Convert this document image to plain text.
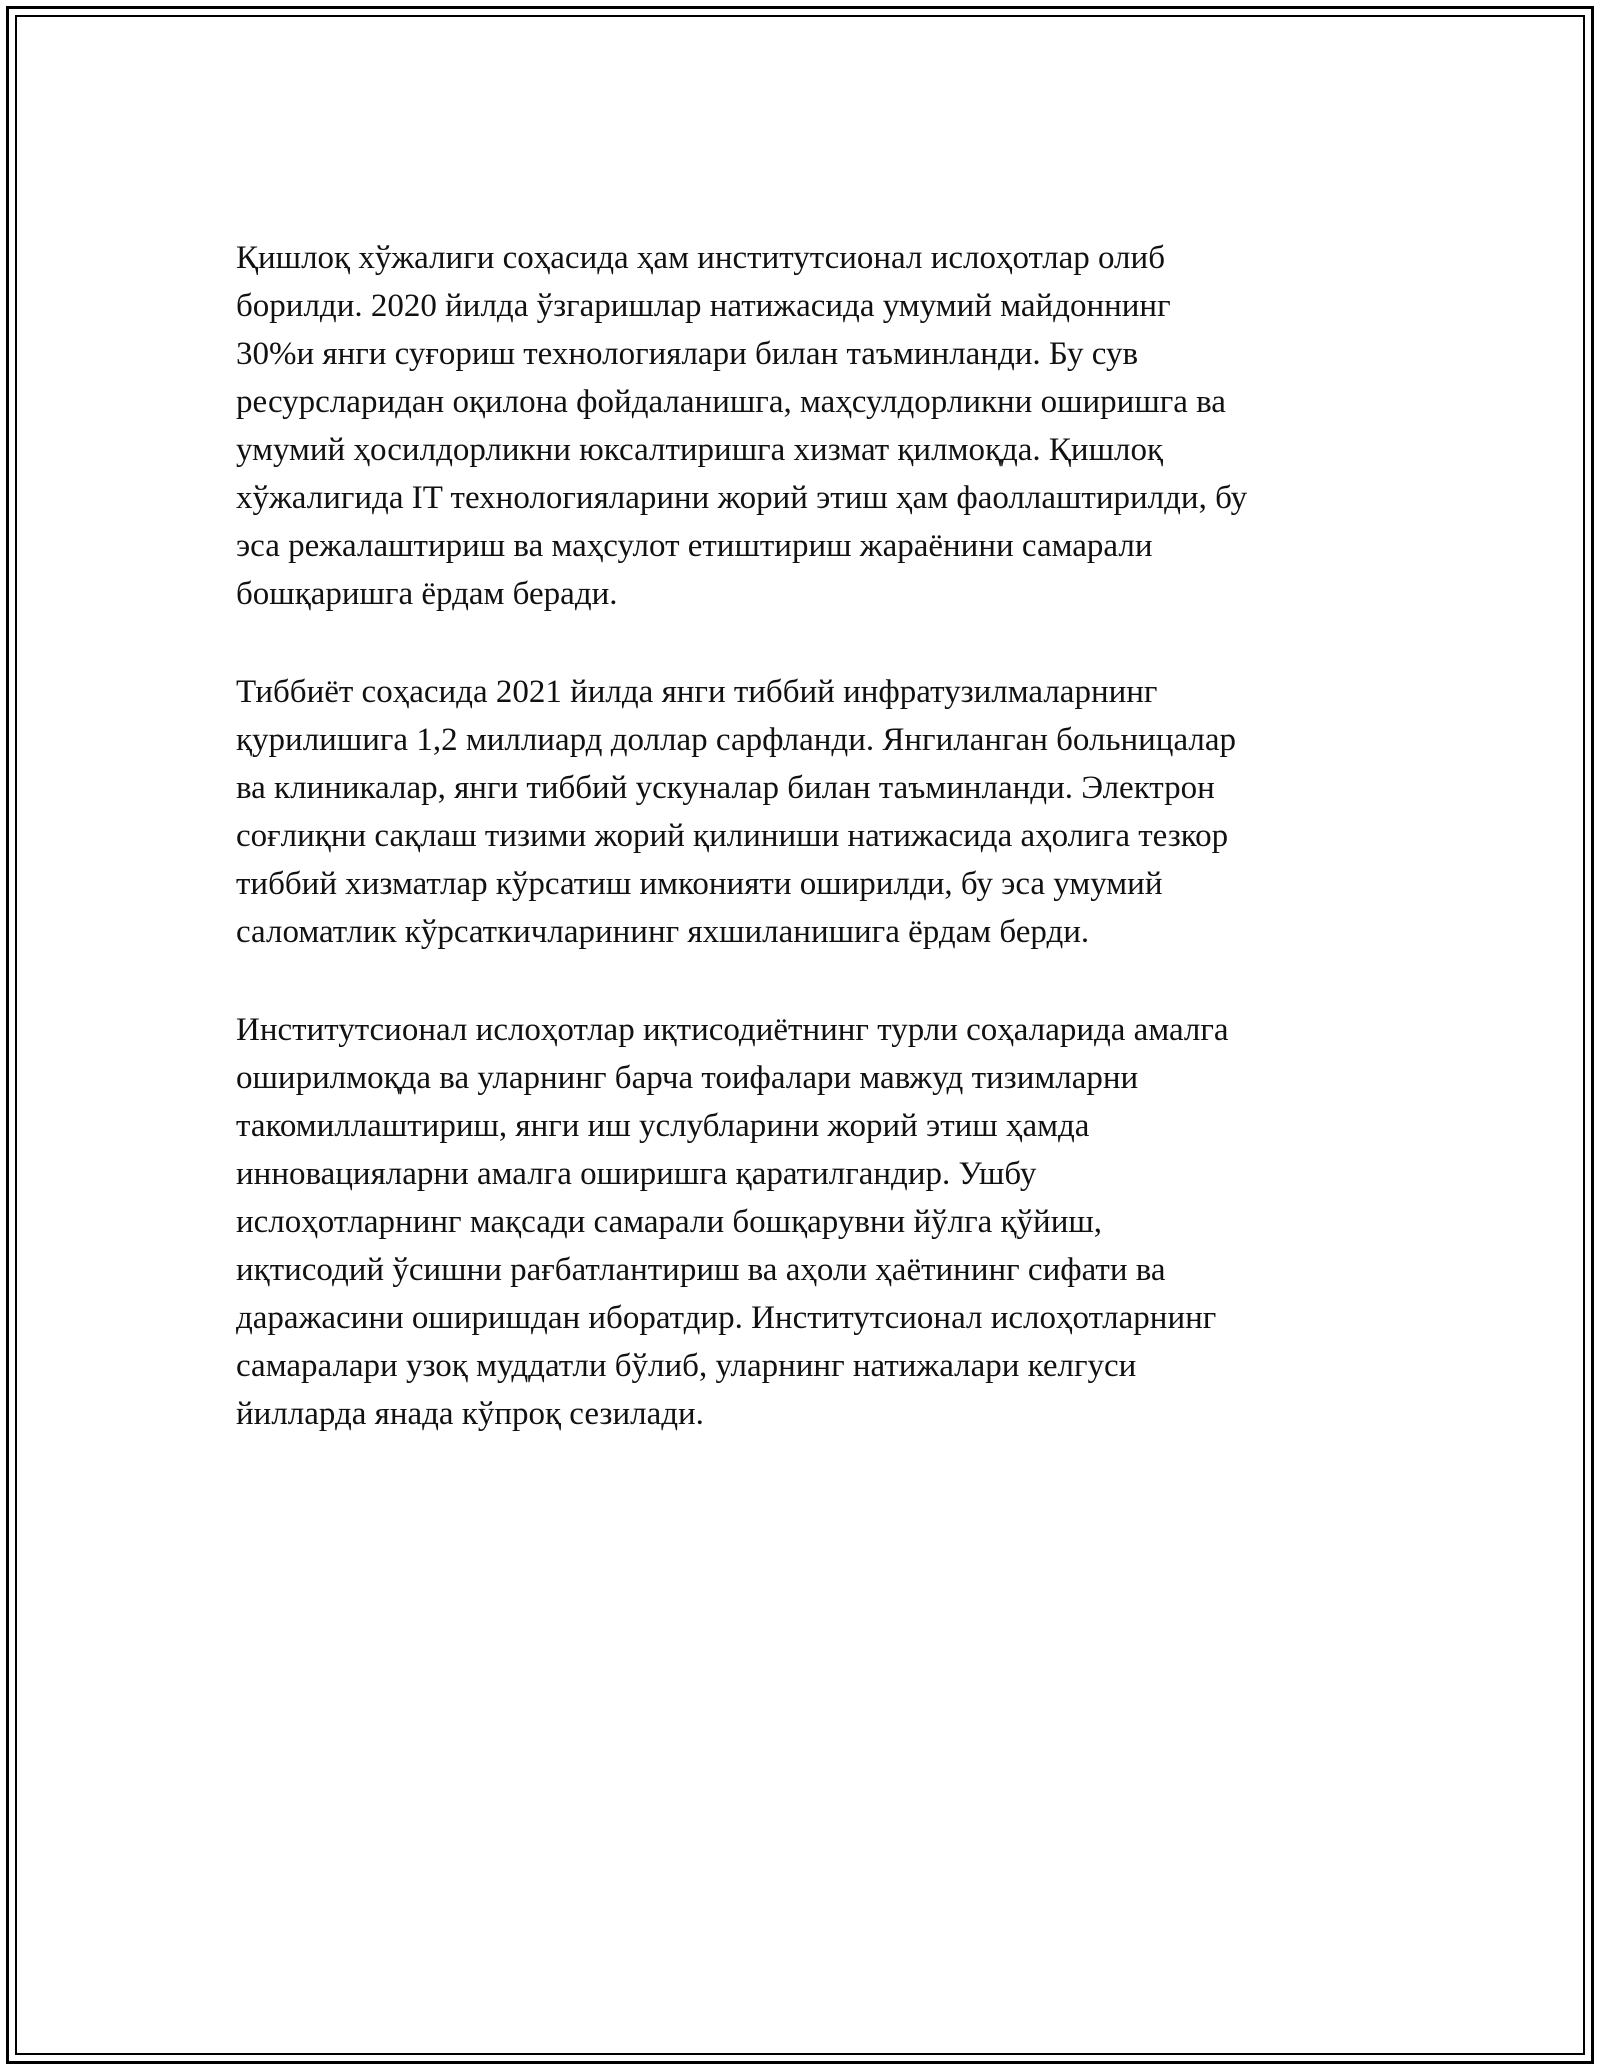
Қишлоқ хўжалиги соҳасида ҳам институтсионал ислоҳотлар олиб
борилди. 2020 йилда ўзгаришлар натижасида умумий майдоннинг
30%и янги суғориш технологиялари билан таъминланди. Бу сув
ресурсларидан оқилона фойдаланишга, маҳсулдорликни оширишга ва
умумий ҳосилдорликни юксалтиришга хизмат қилмоқда. Қишлоқ
хўжалигида IT технологияларини жорий этиш ҳам фаоллаштирилди, бу
эса режалаштириш ва маҳсулот етиштириш жараёнини самарали
бошқаришга ёрдам беради.

Тиббиёт соҳасида 2021 йилда янги тиббий инфратузилмаларнинг
қурилишига 1,2 миллиард доллар сарфланди. Янгиланган больницалар
ва клиникалар, янги тиббий ускуналар билан таъминланди. Электрон
соғлиқни сақлаш тизими жорий қилиниши натижасида аҳолига тезкор
тиббий хизматлар кўрсатиш имконияти оширилди, бу эса умумий
саломатлик кўрсаткичларининг яхшиланишига ёрдам берди.

Институтсионал ислоҳотлар иқтисодиётнинг турли соҳаларида амалга
оширилмоқда ва уларнинг барча тоифалари мавжуд тизимларни
такомиллаштириш, янги иш услубларини жорий этиш ҳамда
инновацияларни амалга оширишга қаратилгандир. Ушбу
ислоҳотларнинг мақсади самарали бошқарувни йўлга қўйиш,
иқтисодий ўсишни рағбатлантириш ва аҳоли ҳаётининг сифати ва
даражасини оширишдан иборатдир. Институтсионал ислоҳотларнинг
самаралари узоқ муддатли бўлиб, уларнинг натижалари келгуси
йилларда янада кўпроқ сезилади.
